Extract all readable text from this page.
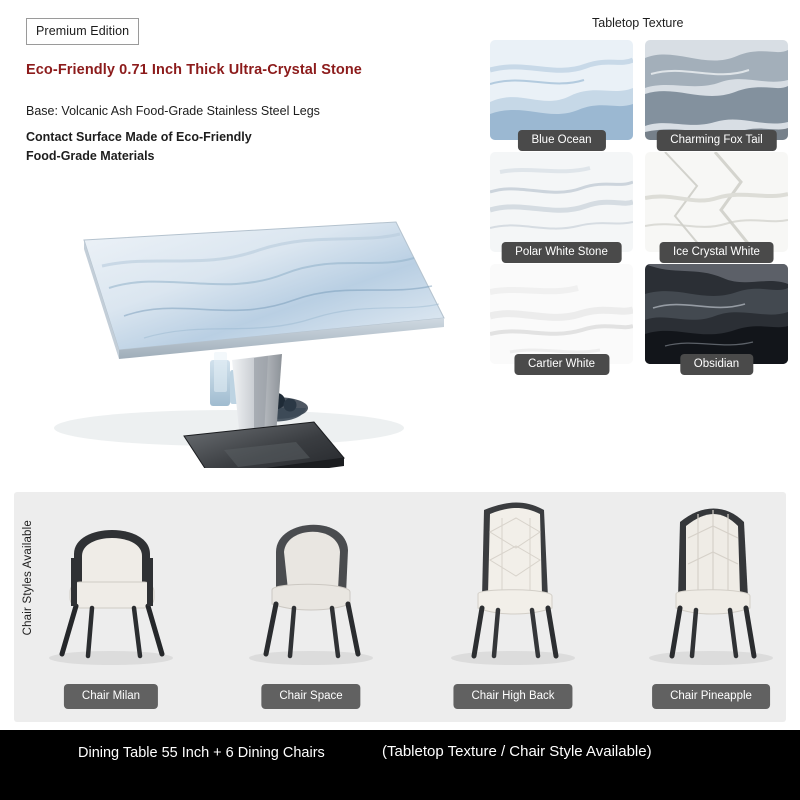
Premium Edition
Eco-Friendly 0.71 Inch Thick Ultra-Crystal Stone
Base: Volcanic Ash Food-Grade Stainless Steel Legs
Contact Surface Made of Eco-Friendly Food-Grade Materials
Tabletop Texture
Blue Ocean	Charming Fox Tail
Polar White Stone	Ice Crystal White
Cartier White	Obsidian
Chair Styles Available
Chair Milan	Chair Space	Chair High Back	Chair Pineapple
Dining Table 55 Inch + 6 Dining Chairs	(Tabletop Texture / Chair Style Available)
